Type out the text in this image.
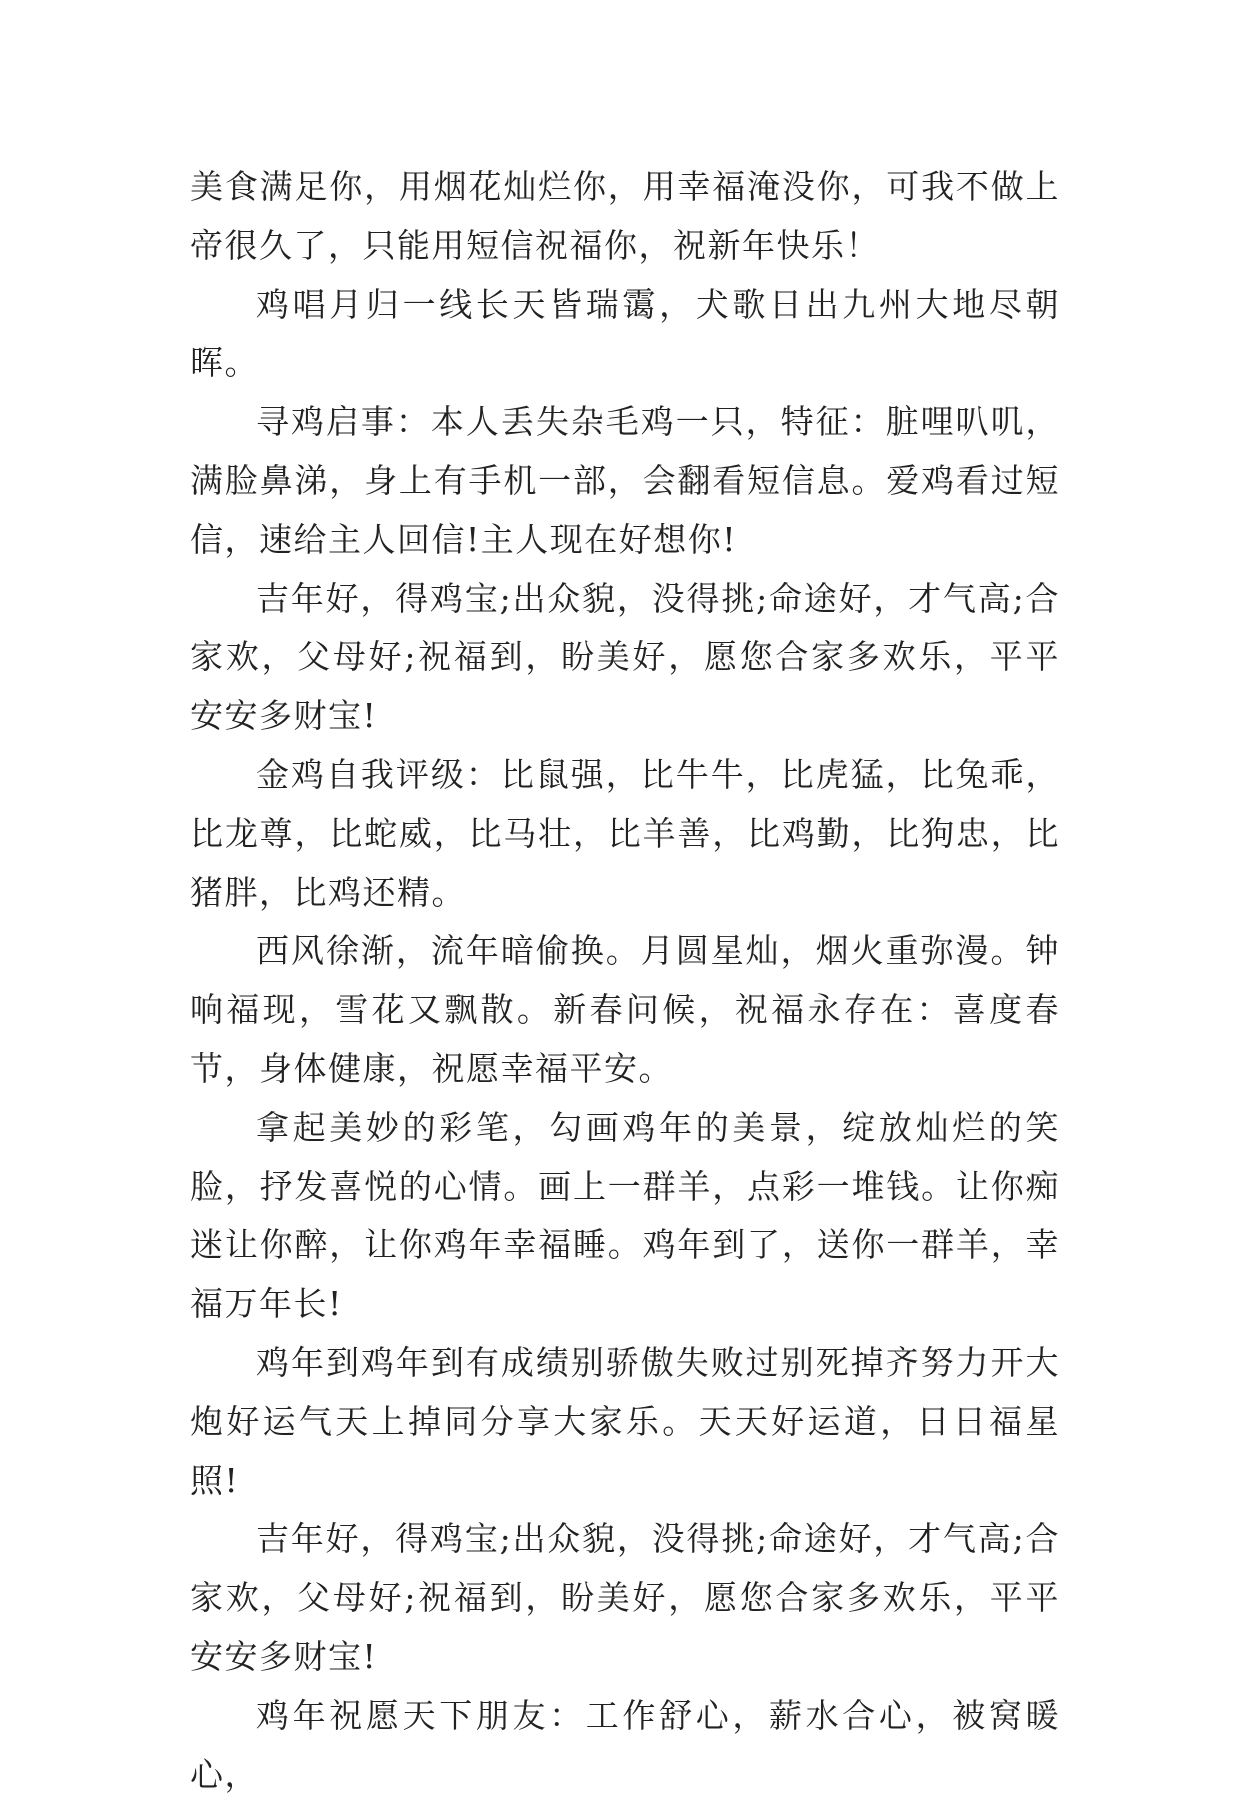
美食满足你，用烟花灿烂你，用幸福淹没你，可我不做上帝很久了，只能用短信祝福你，祝新年快乐！

鸡唱月归一线长天皆瑞霭，犬歌日出九州大地尽朝晖。

寻鸡启事：本人丢失杂毛鸡一只，特征：脏哩叭叽，满脸鼻涕，身上有手机一部，会翻看短信息。爱鸡看过短信，速给主人回信!主人现在好想你!

吉年好，得鸡宝;出众貌，没得挑;命途好，才气高;合家欢，父母好;祝福到，盼美好，愿您合家多欢乐，平平安安多财宝!

金鸡自我评级：比鼠强，比牛牛，比虎猛，比兔乖，比龙尊，比蛇威，比马壮，比羊善，比鸡勤，比狗忠，比猪胖，比鸡还精。

西风徐渐，流年暗偷换。月圆星灿，烟火重弥漫。钟响福现，雪花又飘散。新春问候，祝福永存在：喜度春节，身体健康，祝愿幸福平安。

拿起美妙的彩笔，勾画鸡年的美景，绽放灿烂的笑脸，抒发喜悦的心情。画上一群羊，点彩一堆钱。让你痴迷让你醉，让你鸡年幸福睡。鸡年到了，送你一群羊，幸福万年长!

鸡年到鸡年到有成绩别骄傲失败过别死掉齐努力开大炮好运气天上掉同分享大家乐。天天好运道，日日福星照!

吉年好，得鸡宝;出众貌，没得挑;命途好，才气高;合家欢，父母好;祝福到，盼美好，愿您合家多欢乐，平平安安多财宝!

鸡年祝愿天下朋友：工作舒心，薪水合心，被窝暖心，
